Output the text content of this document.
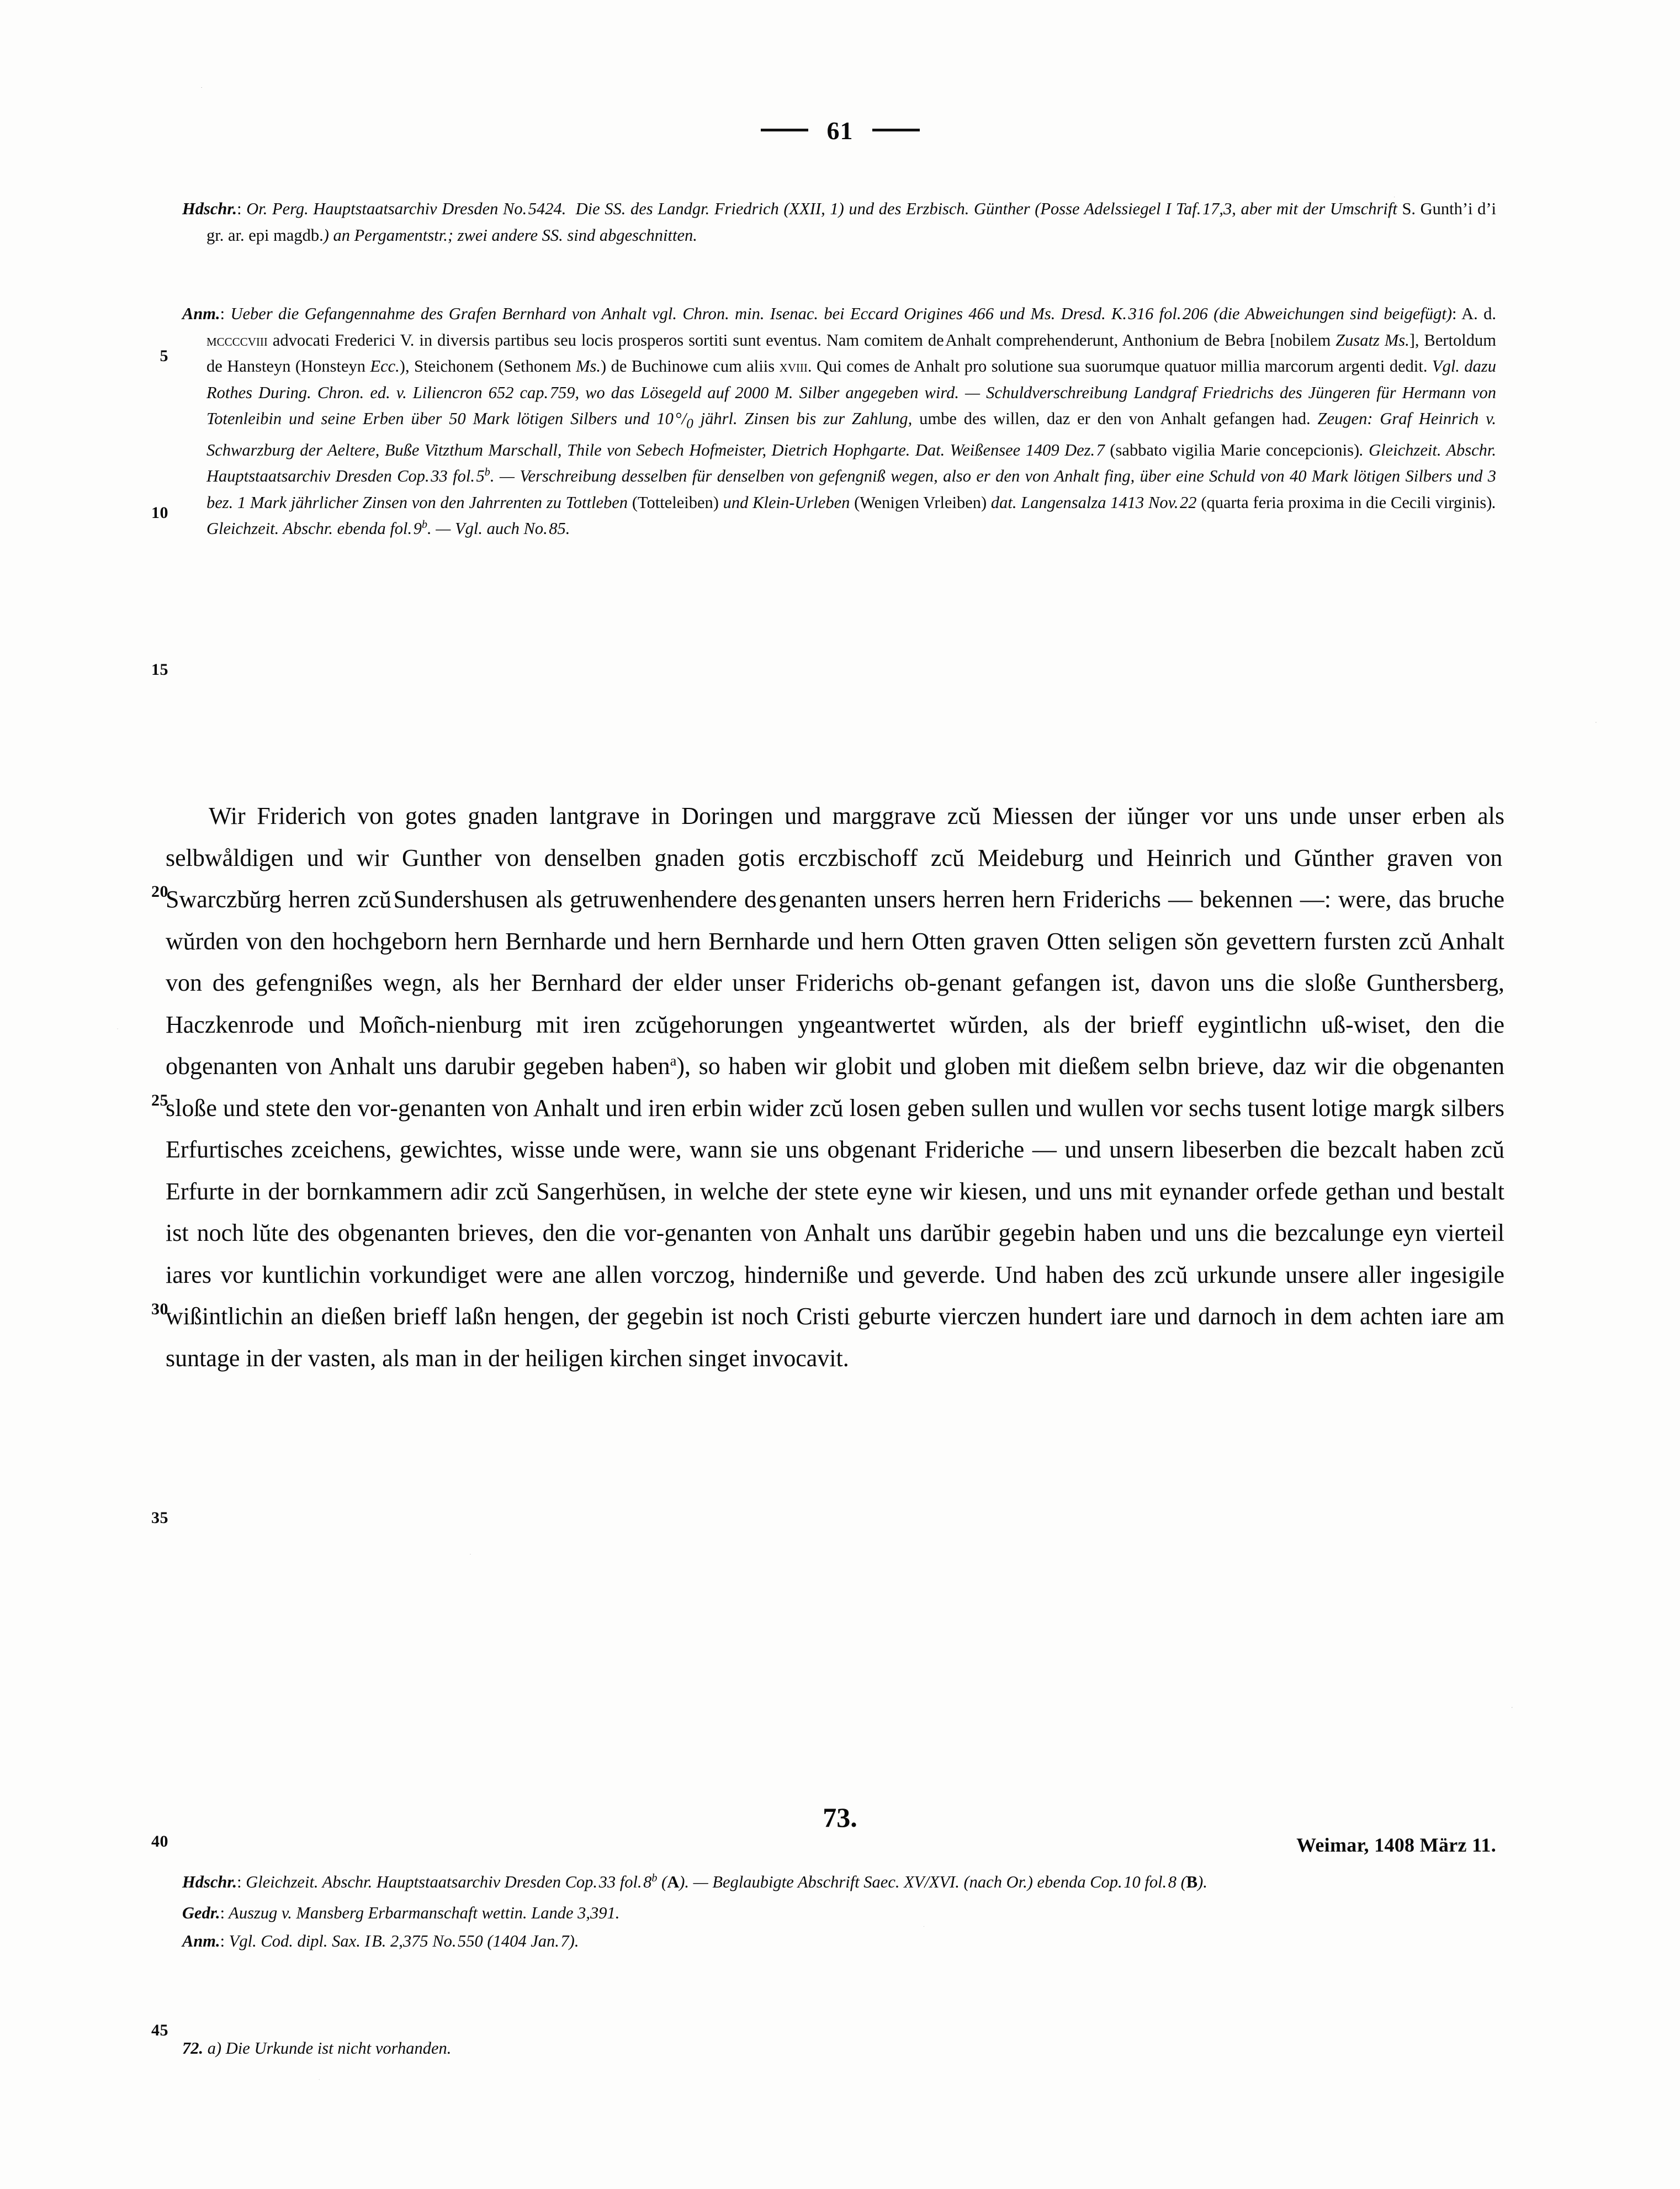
61

Hdschr.: Or. Perg. Hauptstaatsarchiv Dresden No. 5424.  Die SS. des Landgr. Friedrich (XXII, 1) und des Erzbisch. Günther (Posse Adelssiegel I Taf. 17,3, aber mit der Umschrift S. Gunth’i d’i gr. ar. epi magdb.) an Pergamentstr.; zwei andere SS. sind abgeschnitten.

Anm.: Ueber die Gefangennahme des Grafen Bernhard von Anhalt vgl. Chron. min. Isenac. bei Eccard Origines 466 und Ms. Dresd. K. 316 fol. 206 (die Abweichungen sind beigefügt): A. d. mccccviii advocati Frederici V. in diversis partibus seu locis prosperos sortiti sunt eventus. Nam comitem de Anhalt comprehenderunt, Anthonium de Bebra [nobilem Zusatz Ms.], Bertoldum de Hansteyn (Honsteyn Ecc.), Steichonem (Sethonem Ms.) de Buchinowe cum aliis xviii. Qui comes de Anhalt pro solutione sua suorumque quatuor millia marcorum argenti dedit. Vgl. dazu Rothes During. Chron. ed. v. Liliencron 652 cap. 759, wo das Lösegeld auf 2000 M. Silber angegeben wird. — Schuldverschreibung Landgraf Friedrichs des Jüngeren für Hermann von Totenleibin und seine Erben über 50 Mark lötigen Silbers und 10 $^\circ/_0$ jährl. Zinsen bis zur Zahlung, umbe des willen, daz er den von Anhalt gefangen had. Zeugen: Graf Heinrich v. Schwarzburg der Aeltere, Buße Vitzthum Marschall, Thile von Sebech Hofmeister, Dietrich Hophgarte. Dat. Weißensee 1409 Dez. 7 (sabbato vigilia Marie concepcionis). Gleichzeit. Abschr. Hauptstaatsarchiv Dresden Cop. 33 fol. 5$^b$. — Verschreibung desselben für denselben von gefengniß wegen, also er den von Anhalt fing, über eine Schuld von 40 Mark lötigen Silbers und 3 bez. 1 Mark jährlicher Zinsen von den Jahrrenten zu Tottleben (Totteleiben) und Klein-Urleben (Wenigen Vrleiben) dat. Langensalza 1413 Nov. 22 (quarta feria proxima in die Cecili virginis). Gleichzeit. Abschr. ebenda fol. 9$^b$. — Vgl. auch No. 85.

Wir Friderich von gotes gnaden lantgrave in Doringen und marggrave zcŭ Miessen der iŭnger vor uns unde unser erben als selbwåldigen und wir Gunther von denselben gnaden gotis erczbischoff zcŭ Meideburg und Heinrich und Gŭnther graven von Swarczbŭrg herren zcŭ Sundershusen als getruwenhendere des genanten unsers herren hern Friderichs — bekennen —: were, das bruche wŭrden von den hochgeborn hern Bernharde und hern Bernharde und hern Otten graven Otten seligen sŏn gevettern fursten zcŭ Anhalt von des gefengnißes wegn, als her Bernhard der elder unser Friderichs ob‑genant gefangen ist, davon uns die sloße Gunthersberg, Haczkenrode und Moñch‑nienburg mit iren zcŭgehorungen yngeantwertet wŭrden, als der brieff eygintlichn uß‑wiset, den die obgenanten von Anhalt uns darubir gegeben haben$^a$), so haben wir globit und globen mit dießem selbn brieve, daz wir die obgenanten sloße und stete den vor‑genanten von Anhalt und iren erbin wider zcŭ losen geben sullen und wullen vor sechs tusent lotige margk silbers Erfurtisches zceichens, gewichtes, wisse unde were, wann sie uns obgenant Frideriche — und unsern libeserben die bezcalt haben zcŭ Erfurte in der bornkammern adir zcŭ Sangerhŭsen, in welche der stete eyne wir kiesen, und uns mit eynander orfede gethan und bestalt ist noch lŭte des obgenanten brieves, den die vor‑genanten von Anhalt uns darŭbir gegebin haben und uns die bezcalunge eyn vierteil iares vor kuntlichin vorkundiget were ane allen vorczog, hinderniße und geverde. Und haben des zcŭ urkunde unsere aller ingesigile wißintlichin an dießen brieff laßn hengen, der gegebin ist noch Cristi geburte vierczen hundert iare und darnoch in dem achten iare am suntage in der vasten, als man in der heiligen kirchen singet invocavit.

73.
Weimar, 1408 März 11.

Hdschr.: Gleichzeit. Abschr. Hauptstaatsarchiv Dresden Cop. 33 fol. 8$^b$ (A). — Beglaubigte Abschrift Saec. XV/XVI. (nach Or.) ebenda Cop. 10 fol. 8 (B).

Gedr.: Auszug v. Mansberg Erbarmanschaft wettin. Lande 3,391.

Anm.: Vgl. Cod. dipl. Sax. I B. 2,375 No. 550 (1404 Jan. 7).

72. a) Die Urkunde ist nicht vorhanden.

5
10
15
20
25
30
35
40
45
